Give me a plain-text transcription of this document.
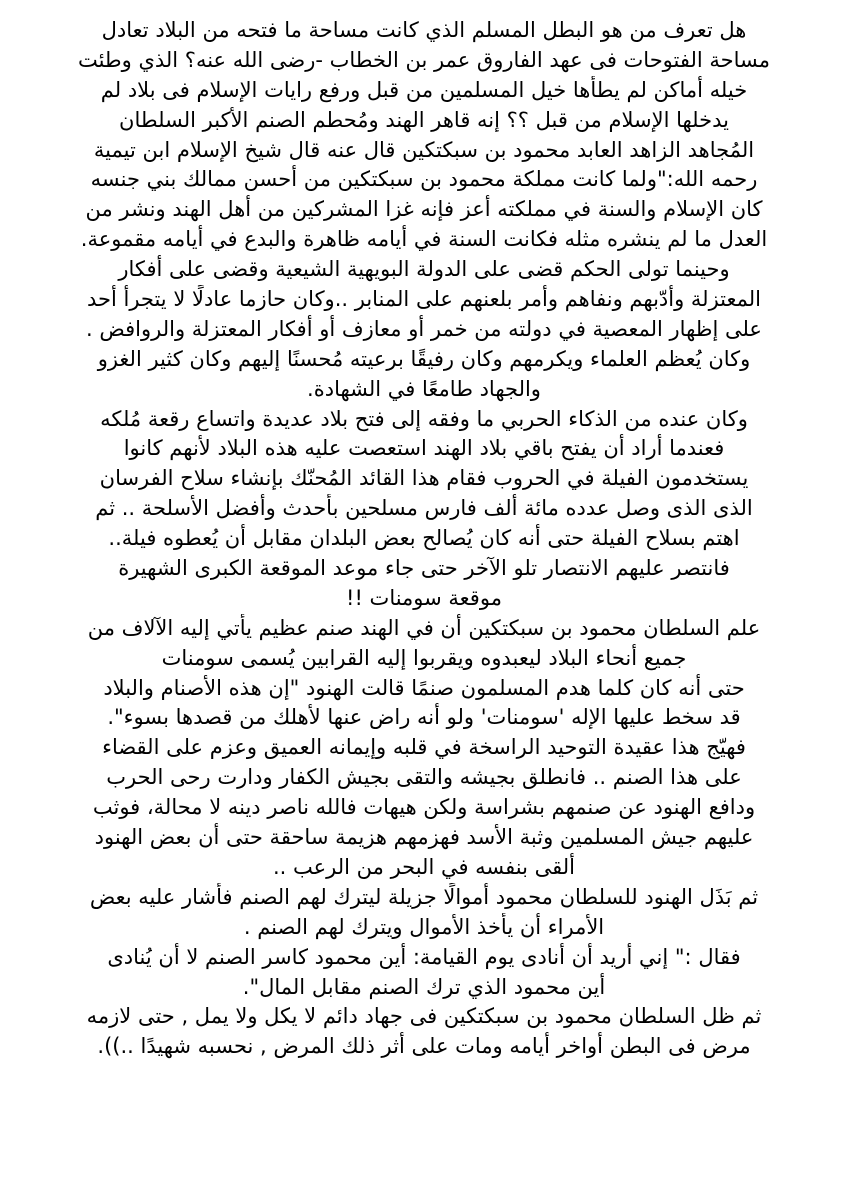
هل تعرف من هو البطل المسلم الذي كانت مساحة ما فتحه من البلاد تعادل
مساحة الفتوحات فى عهد الفاروق عمر بن الخطاب -رضى الله عنه؟ الذي وطئت
خيله أماكن لم يطأها خيل المسلمين من قبل ورفع رايات الإسلام فى بلاد لم
يدخلها الإسلام من قبل ؟؟ إنه قاهر الهند ومُحطم الصنم الأكبر السلطان
المُجاهد الزاهد العابد محمود بن سبكتكين قال عنه قال شيخ الإسلام ابن تيمية
رحمه الله:"ولما كانت مملكة محمود بن سبكتكين من أحسن ممالك بني جنسه
كان الإسلام والسنة في مملكته أعز فإنه غزا المشركين من أهل الهند ونشر من
العدل ما لم ينشره مثله فكانت السنة في أيامه ظاهرة والبدع في أيامه مقموعة.
وحينما تولى الحكم قضى على الدولة البويهية الشيعية وقضى على أفكار
المعتزلة وأدّبهم ونفاهم وأمر بلعنهم على المنابر ..وكان حازما عادلًا لا يتجرأ أحد
على إظهار المعصية في دولته من خمر أو معازف أو أفكار المعتزلة والروافض .
وكان يُعظم العلماء ويكرمهم وكان رفيقًا برعيته مُحسنًا إليهم وكان كثير الغزو
والجهاد طامعًا في الشهادة.
وكان عنده من الذكاء الحربي ما وفقه إلى فتح بلاد عديدة واتساع رقعة مُلكه
فعندما أراد أن يفتح باقي بلاد الهند استعصت عليه هذه البلاد لأنهم كانوا
يستخدمون الفيلة في الحروب فقام هذا القائد المُحنّك بإنشاء سلاح الفرسان
الذى الذى وصل عدده مائة ألف فارس مسلحين بأحدث وأفضل الأسلحة .. ثم
اهتم بسلاح الفيلة حتى أنه كان يُصالح بعض البلدان مقابل أن يُعطوه فيلة..
فانتصر عليهم الانتصار تلو الآخر حتى جاء موعد الموقعة الكبرى الشهيرة
موقعة سومنات !!
علم السلطان محمود بن سبكتكين أن في الهند صنم عظيم يأتي إليه الآلاف من
جميع أنحاء البلاد ليعبدوه ويقربوا إليه القرابين يُسمى سومنات
حتى أنه كان كلما هدم المسلمون صنمًا قالت الهنود "إن هذه الأصنام والبلاد
قد سخط عليها الإله 'سومنات' ولو أنه راض عنها لأهلك من قصدها بسوء".
فهيّج هذا عقيدة التوحيد الراسخة في قلبه وإيمانه العميق وعزم على القضاء
على هذا الصنم .. فانطلق بجيشه والتقى بجيش الكفار ودارت رحى الحرب
ودافع الهنود عن صنمهم بشراسة ولكن هيهات فالله ناصر دينه لا محالة، فوثب
عليهم جيش المسلمين وثبة الأسد فهزمهم هزيمة ساحقة حتى أن بعض الهنود
ألقى بنفسه في البحر من الرعب ..
ثم بَذَل الهنود للسلطان محمود أموالًا جزيلة ليترك لهم الصنم فأشار عليه بعض
الأمراء أن يأخذ الأموال ويترك لهم الصنم .
فقال :" إني أُريد أن أُنادى يوم القيامة: أين محمود كاسر الصنم لا أن يُنادى
أين محمود الذي ترك الصنم مقابل المال".
ثم ظل السلطان محمود بن سبكتكين فى جهاد دائم لا يكل ولا يمل , حتى لازمه
مرض فى البطن أواخر أيامه ومات على أثر ذلك المرض , نحسبه شهيدًا ..)).
